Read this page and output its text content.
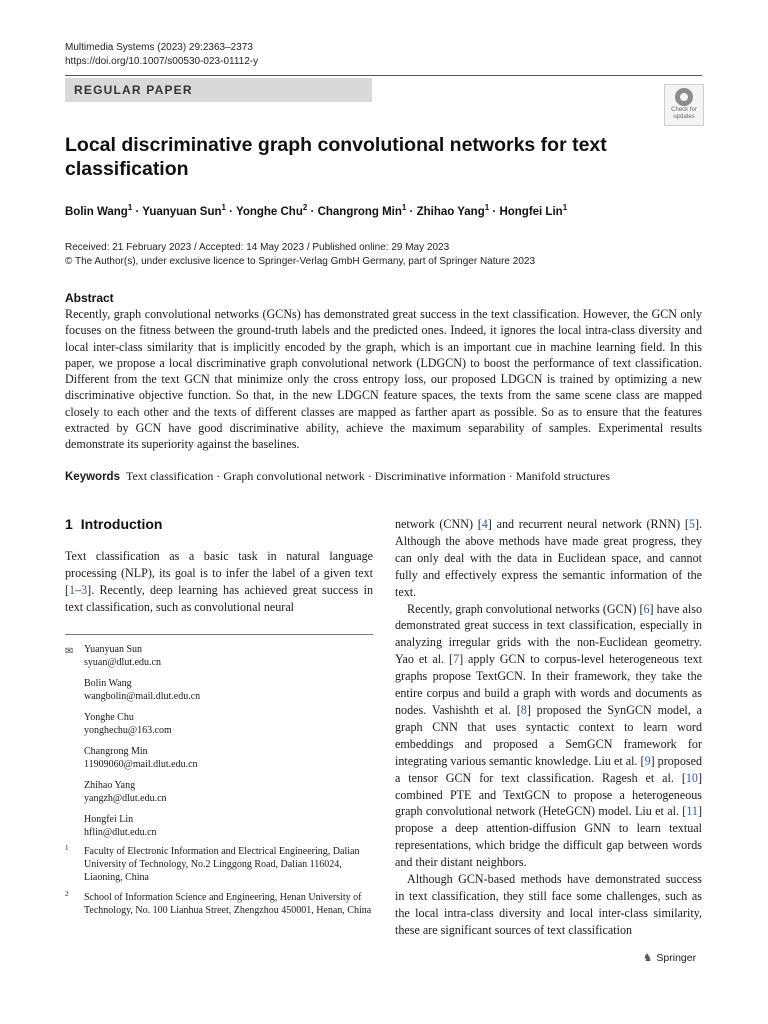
Multimedia Systems (2023) 29:2363–2373
https://doi.org/10.1007/s00530-023-01112-y
REGULAR PAPER
Check for
updates
Local discriminative graph convolutional networks for text classification
Bolin Wang$^1$ · Yuanyuan Sun$^1$ · Yonghe Chu$^2$ · Changrong Min$^1$ · Zhihao Yang$^1$ · Hongfei Lin$^1$
Received: 21 February 2023 / Accepted: 14 May 2023 / Published online: 29 May 2023
© The Author(s), under exclusive licence to Springer-Verlag GmbH Germany, part of Springer Nature 2023
Abstract
Recently, graph convolutional networks (GCNs) has demonstrated great success in the text classification. However, the GCN only focuses on the fitness between the ground-truth labels and the predicted ones. Indeed, it ignores the local intra-class diversity and local inter-class similarity that is implicitly encoded by the graph, which is an important cue in machine learning field. In this paper, we propose a local discriminative graph convolutional network (LDGCN) to boost the performance of text classification. Different from the text GCN that minimize only the cross entropy loss, our proposed LDGCN is trained by optimizing a new discriminative objective function. So that, in the new LDGCN feature spaces, the texts from the same scene class are mapped closely to each other and the texts of different classes are mapped as farther apart as possible. So as to ensure that the features extracted by GCN have good discriminative ability, achieve the maximum separability of samples. Experimental results demonstrate its superiority against the baselines.
Keywords Text classification · Graph convolutional network · Discriminative information · Manifold structures
1 Introduction

Text classification as a basic task in natural language processing (NLP), its goal is to infer the label of a given text [1–3]. Recently, deep learning has achieved great success in text classification, such as convolutional neural

✉ Yuanyuan Sun
syuan@dlut.edu.cn
Bolin Wang
wangbolin@mail.dlut.edu.cn
Yonghe Chu
yonghechu@163.com
Changrong Min
11909060@mail.dlut.edu.cn
Zhihao Yang
yangzh@dlut.edu.cn
Hongfei Lin
hflin@dlut.edu.cn
1 Faculty of Electronic Information and Electrical Engineering, Dalian University of Technology, No.2 Linggong Road, Dalian 116024, Liaoning, China
2 School of Information Science and Engineering, Henan University of Technology, No. 100 Lianhua Street, Zhengzhou 450001, Henan, China

network (CNN) [4] and recurrent neural network (RNN) [5]. Although the above methods have made great progress, they can only deal with the data in Euclidean space, and cannot fully and effectively express the semantic information of the text.

Recently, graph convolutional networks (GCN) [6] have also demonstrated great success in text classification, especially in analyzing irregular grids with the non-Euclidean geometry. Yao et al. [7] apply GCN to corpus-level heterogeneous text graphs propose TextGCN. In their framework, they take the entire corpus and build a graph with words and documents as nodes. Vashishth et al. [8] proposed the SynGCN model, a graph CNN that uses syntactic context to learn word embeddings and proposed a SemGCN framework for integrating various semantic knowledge. Liu et al. [9] proposed a tensor GCN for text classification. Ragesh et al. [10] combined PTE and TextGCN to propose a heterogeneous graph convolutional network (HeteGCN) model. Liu et al. [11] propose a deep attention-diffusion GNN to learn textual representations, which bridge the difficult gap between words and their distant neighbors.

Although GCN-based methods have demonstrated success in text classification, they still face some challenges, such as the local intra-class diversity and local inter-class similarity, these are significant sources of text classification

♞ Springer
